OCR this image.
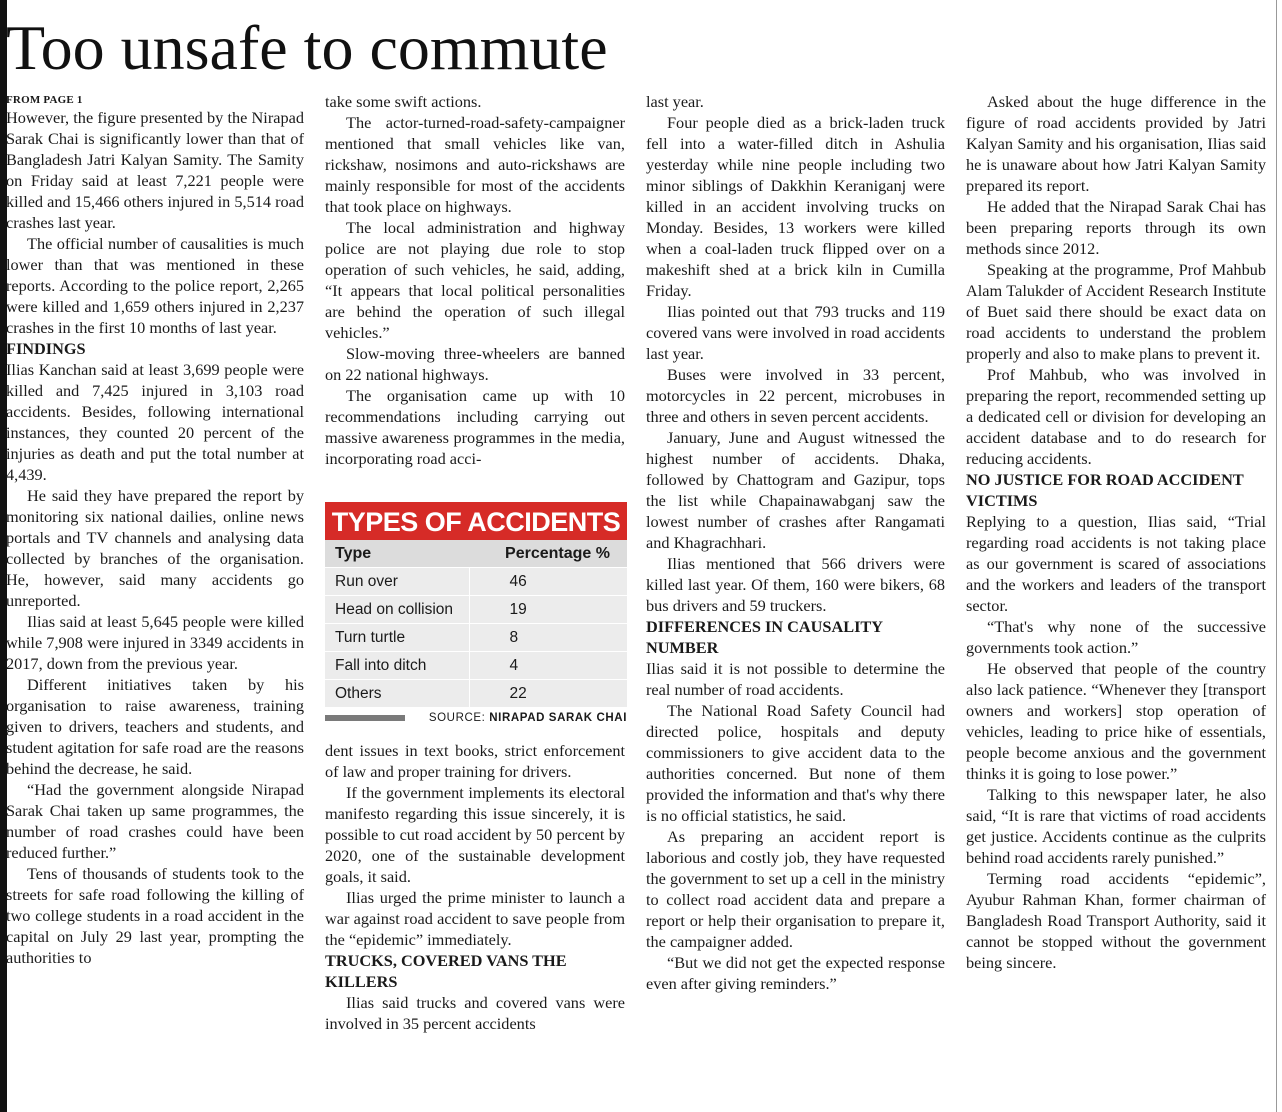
Too unsafe to commute
FROM PAGE 1

However, the figure presented by the Nirapad Sarak Chai is significantly lower than that of Bangladesh Jatri Kalyan Samity. The Samity on Friday said at least 7,221 people were killed and 15,466 others injured in 5,514 road crashes last year.

The official number of causalities is much lower than that was mentioned in these reports. According to the police report, 2,265 were killed and 1,659 others injured in 2,237 crashes in the first 10 months of last year.

FINDINGS

Ilias Kanchan said at least 3,699 people were killed and 7,425 injured in 3,103 road accidents. Besides, following international instances, they counted 20 percent of the injuries as death and put the total number at 4,439.

He said they have prepared the report by monitoring six national dailies, online news portals and TV channels and analysing data collected by branches of the organisation. He, however, said many accidents go unreported.

Ilias said at least 5,645 people were killed while 7,908 were injured in 3349 accidents in 2017, down from the previous year.

Different initiatives taken by his organisation to raise awareness, training given to drivers, teachers and students, and student agitation for safe road are the reasons behind the decrease, he said.

“Had the government alongside Nirapad Sarak Chai taken up same programmes, the number of road crashes could have been reduced further.”

Tens of thousands of students took to the streets for safe road following the killing of two college students in a road accident in the capital on July 29 last year, prompting the authorities to

take some swift actions.

The actor-turned-road-safety-campaigner mentioned that small vehicles like van, rickshaw, nosimons and auto-rickshaws are mainly responsible for most of the accidents that took place on highways.

The local administration and highway police are not playing due role to stop operation of such vehicles, he said, adding, “It appears that local political personalities are behind the operation of such illegal vehicles.”

Slow-moving three-wheelers are banned on 22 national highways.

The organisation came up with 10 recommendations including carrying out massive awareness programmes in the media, incorporating road acci-

TYPES OF ACCIDENTS
Type	Percentage %
Run over	46
Head on collision	19
Turn turtle	8
Fall into ditch	4
Others	22
SOURCE: NIRAPAD SARAK CHAI

dent issues in text books, strict enforcement of law and proper training for drivers.

If the government implements its electoral manifesto regarding this issue sincerely, it is possible to cut road accident by 50 percent by 2020, one of the sustainable development goals, it said.

Ilias urged the prime minister to launch a war against road accident to save people from the “epidemic” immediately.

TRUCKS, COVERED VANS THE KILLERS

Ilias said trucks and covered vans were involved in 35 percent accidents

last year.

Four people died as a brick-laden truck fell into a water-filled ditch in Ashulia yesterday while nine people including two minor siblings of Dakkhin Keraniganj were killed in an accident involving trucks on Monday. Besides, 13 workers were killed when a coal-laden truck flipped over on a makeshift shed at a brick kiln in Cumilla Friday.

Ilias pointed out that 793 trucks and 119 covered vans were involved in road accidents last year.

Buses were involved in 33 percent, motorcycles in 22 percent, microbuses in three and others in seven percent accidents.

January, June and August witnessed the highest number of accidents. Dhaka, followed by Chattogram and Gazipur, tops the list while Chapainawabganj saw the lowest number of crashes after Rangamati and Khagrachhari.

Ilias mentioned that 566 drivers were killed last year. Of them, 160 were bikers, 68 bus drivers and 59 truckers.

DIFFERENCES IN CAUSALITY NUMBER

Ilias said it is not possible to determine the real number of road accidents.

The National Road Safety Council had directed police, hospitals and deputy commissioners to give accident data to the authorities concerned. But none of them provided the information and that's why there is no official statistics, he said.

As preparing an accident report is laborious and costly job, they have requested the government to set up a cell in the ministry to collect road accident data and prepare a report or help their organisation to prepare it, the campaigner added.

“But we did not get the expected response even after giving reminders.”

Asked about the huge difference in the figure of road accidents provided by Jatri Kalyan Samity and his organisation, Ilias said he is unaware about how Jatri Kalyan Samity prepared its report.

He added that the Nirapad Sarak Chai has been preparing reports through its own methods since 2012.

Speaking at the programme, Prof Mahbub Alam Talukder of Accident Research Institute of Buet said there should be exact data on road accidents to understand the problem properly and also to make plans to prevent it.

Prof Mahbub, who was involved in preparing the report, recommended setting up a dedicated cell or division for developing an accident database and to do research for reducing accidents.

NO JUSTICE FOR ROAD ACCIDENT VICTIMS

Replying to a question, Ilias said, “Trial regarding road accidents is not taking place as our government is scared of associations and the workers and leaders of the transport sector.

“That's why none of the successive governments took action.”

He observed that people of the country also lack patience. “Whenever they [transport owners and workers] stop operation of vehicles, leading to price hike of essentials, people become anxious and the government thinks it is going to lose power.”

Talking to this newspaper later, he also said, “It is rare that victims of road accidents get justice. Accidents continue as the culprits behind road accidents rarely punished.”

Terming road accidents “epidemic”, Ayubur Rahman Khan, former chairman of Bangladesh Road Transport Authority, said it cannot be stopped without the government being sincere.
